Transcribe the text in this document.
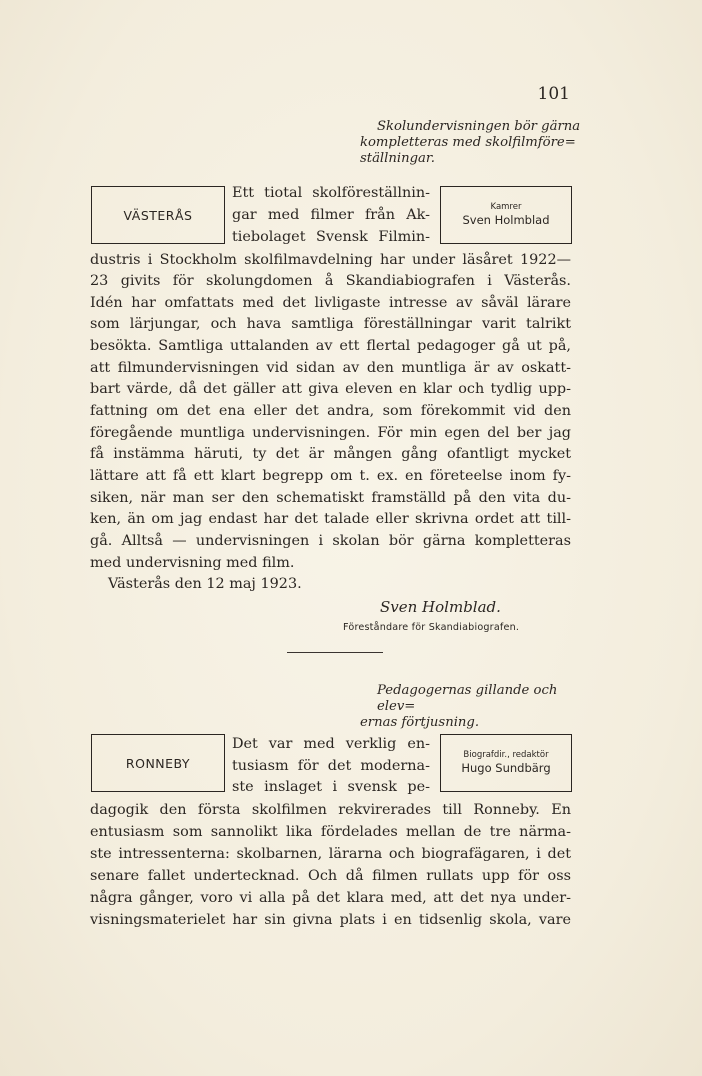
101
Skolundervisningen bör gärna
kompletteras med skolfilmföre=
ställningar.
VÄSTERÅS
Kamrer
Sven Holmblad
Ett tiotal skolföreställnin-
gar med filmer från Ak-
tiebolaget Svensk Filmin-
dustris i Stockholm skolfilmavdelning har under läsåret 1922—
23 givits för skolungdomen å Skandiabiografen i Västerås.
Idén har omfattats med det livligaste intresse av såväl lärare
som lärjungar, och hava samtliga föreställningar varit talrikt
besökta. Samtliga uttalanden av ett flertal pedagoger gå ut på,
att filmundervisningen vid sidan av den muntliga är av oskatt-
bart värde, då det gäller att giva eleven en klar och tydlig upp-
fattning om det ena eller det andra, som förekommit vid den
föregående muntliga undervisningen. För min egen del ber jag
få instämma häruti, ty det är mången gång ofantligt mycket
lättare att få ett klart begrepp om t. ex. en företeelse inom fy-
siken, när man ser den schematiskt framställd på den vita du-
ken, än om jag endast har det talade eller skrivna ordet att till-
gå. Alltså — undervisningen i skolan bör gärna kompletteras
med undervisning med film.
Västerås den 12 maj 1923.
Sven Holmblad.
Föreståndare för Skandiabiografen.
Pedagogernas gillande och elev=
ernas förtjusning.
RONNEBY
Biografdir., redaktör
Hugo Sundbärg
Det var med verklig en-
tusiasm för det moderna-
ste inslaget i svensk pe-
dagogik den första skolfilmen rekvirerades till Ronneby. En
entusiasm som sannolikt lika fördelades mellan de tre närma-
ste intressenterna: skolbarnen, lärarna och biografägaren, i det
senare fallet undertecknad. Och då filmen rullats upp för oss
några gånger, voro vi alla på det klara med, att det nya under-
visningsmaterielet har sin givna plats i en tidsenlig skola, vare
